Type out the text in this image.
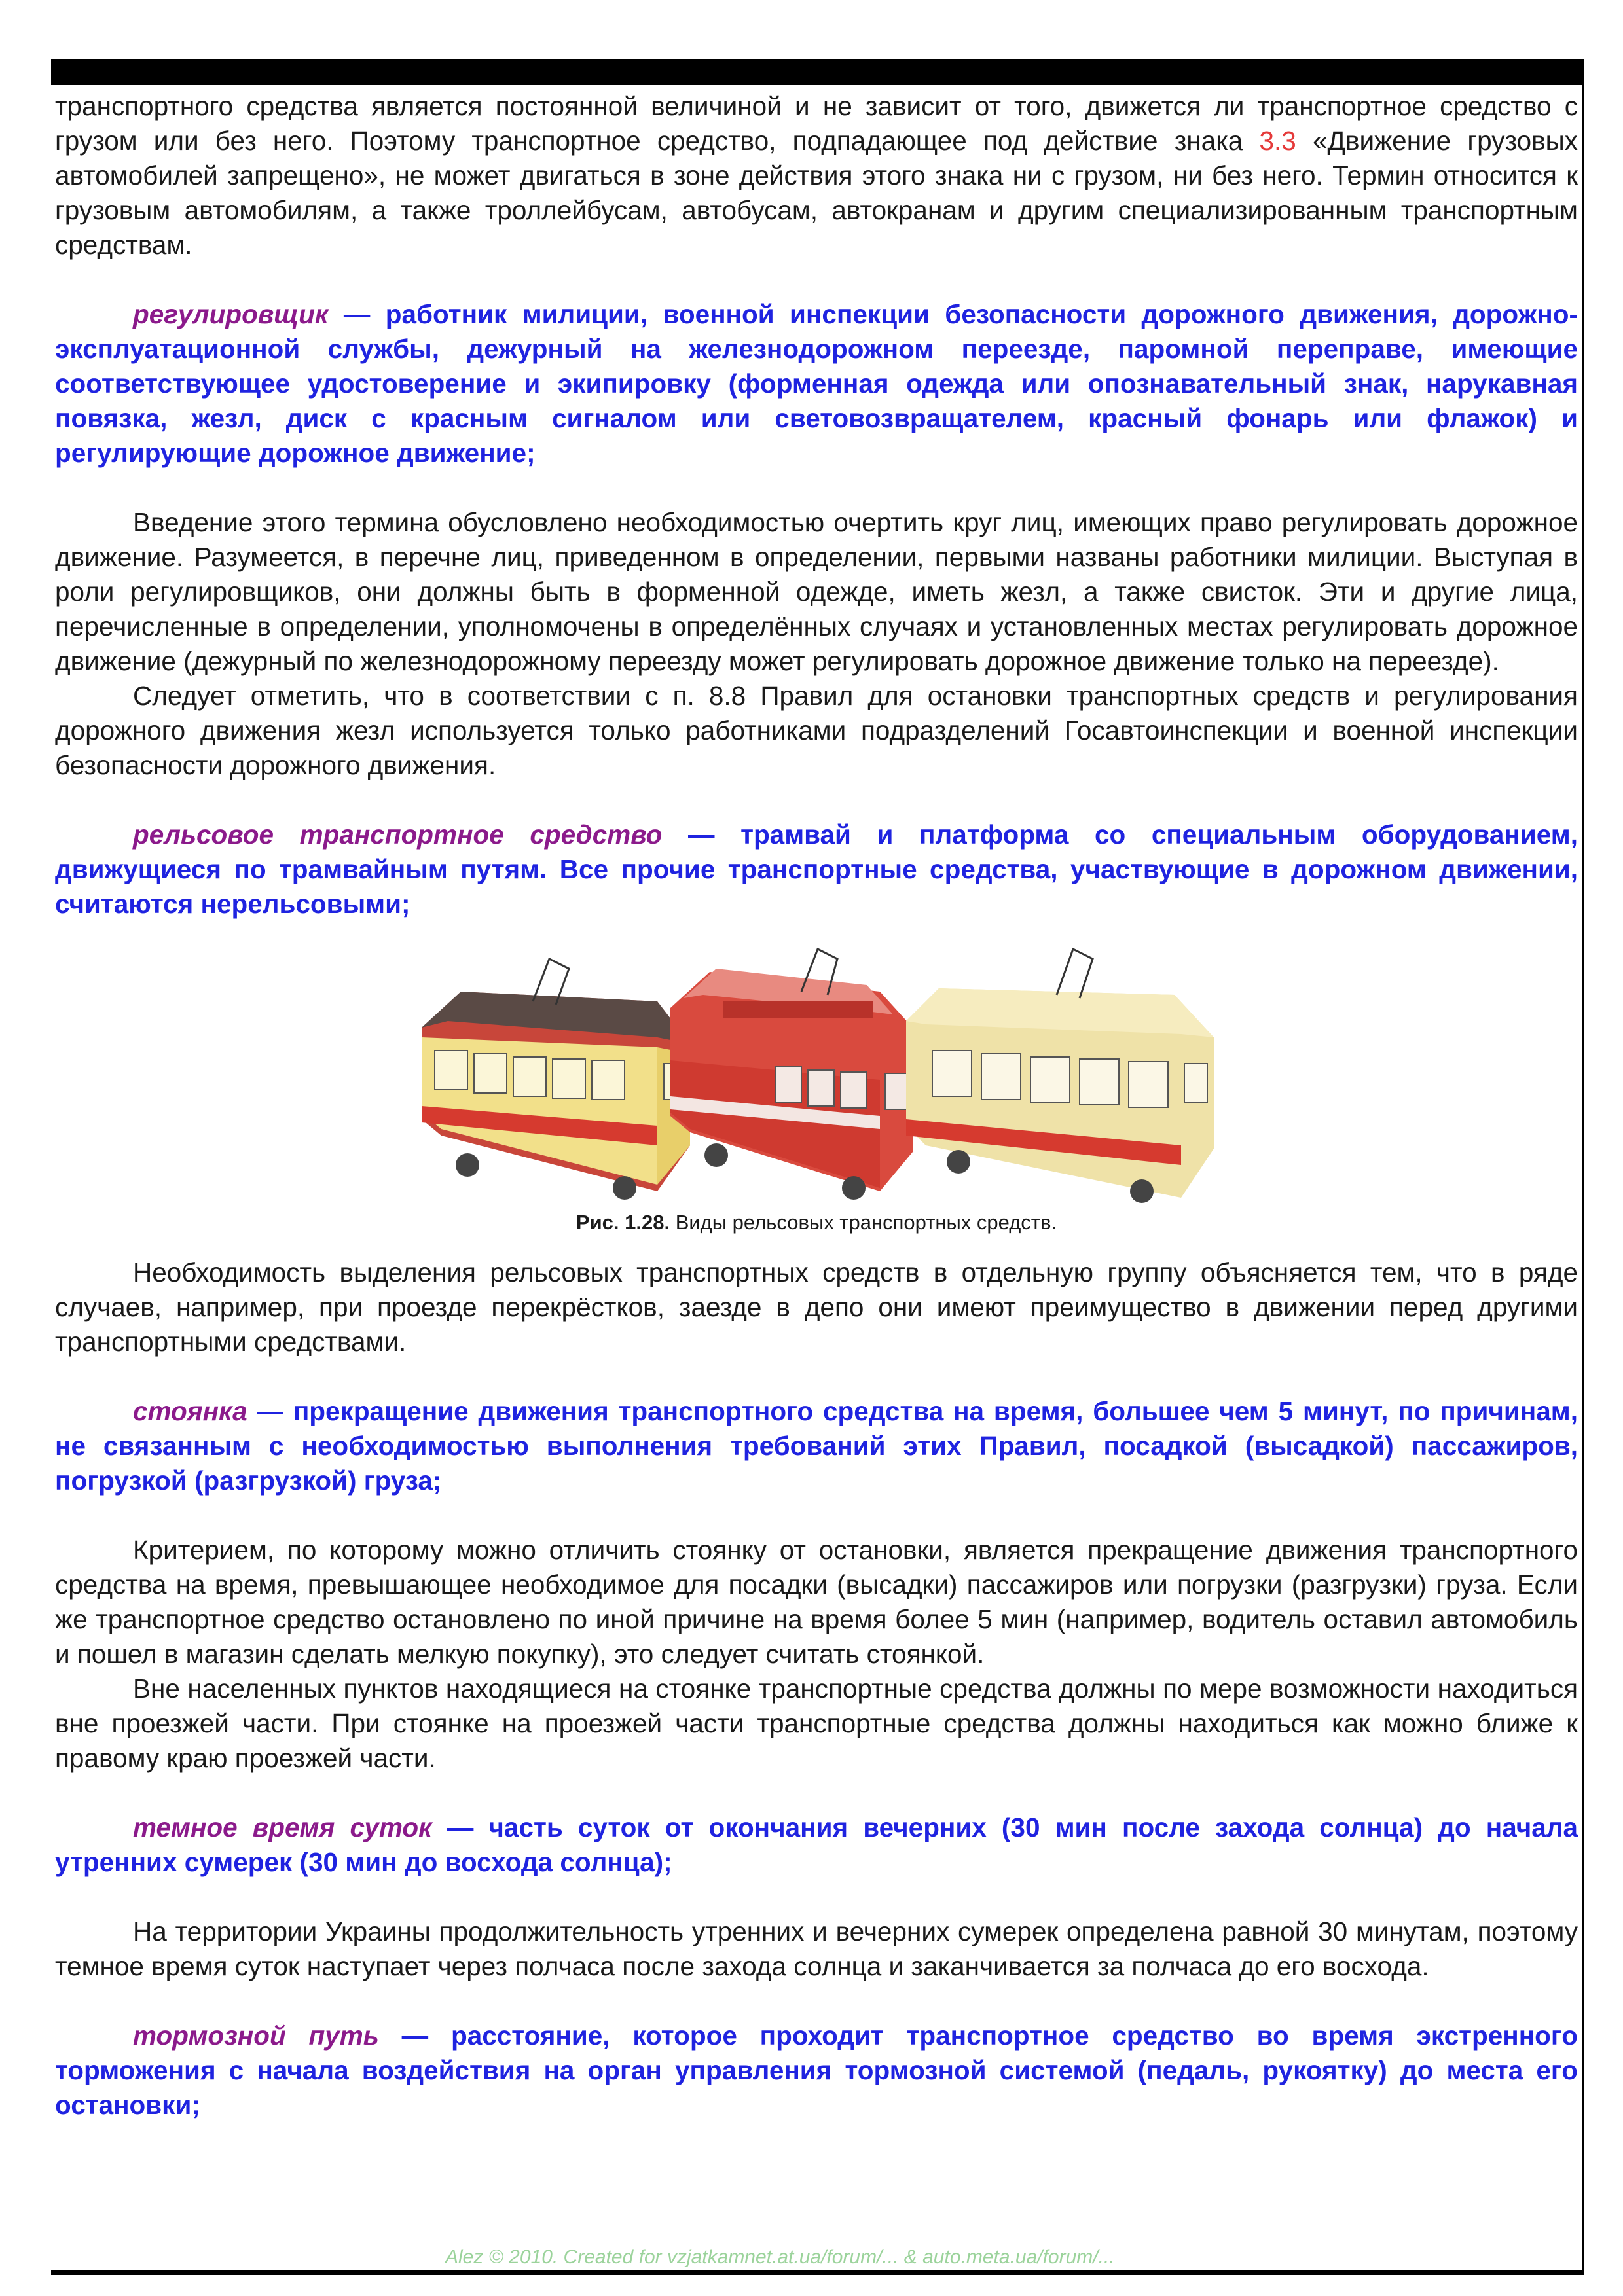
транспортного средства является постоянной величиной и не зависит от того, движется ли транспортное средство с грузом или без него. Поэтому транспортное средство, подпадающее под действие знака 3.3 «Движение грузовых автомобилей запрещено», не может двигаться в зоне действия этого знака ни с грузом, ни без него. Термин относится к грузовым автомобилям, а также троллейбусам, автобусам, автокранам и другим специализированным транспортным средствам.

регулировщик — работник милиции, военной инспекции безопасности дорожного движения, дорожно-эксплуатационной службы, дежурный на железнодорожном переезде, паромной переправе, имеющие соответствующее удостоверение и экипировку (форменная одежда или опознавательный знак, нарукавная повязка, жезл, диск с красным сигналом или световозвращателем, красный фонарь или флажок) и регулирующие дорожное движение;

Введение этого термина обусловлено необходимостью очертить круг лиц, имеющих право регулировать дорожное движение. Разумеется, в перечне лиц, приведенном в определении, первыми названы работники милиции. Выступая в роли регулировщиков, они должны быть в форменной одежде, иметь жезл, а также свисток. Эти и другие лица, перечисленные в определении, уполномочены в определённых случаях и установленных местах регулировать дорожное движение (дежурный по железнодорожному переезду может регулировать дорожное движение только на переезде).

Следует отметить, что в соответствии с п. 8.8 Правил для остановки транспортных средств и регулирования дорожного движения жезл используется только работниками подразделений Госавтоинспекции и военной инспекции безопасности дорожного движения.

рельсовое транспортное средство — трамвай и платформа со специальным оборудованием, движущиеся по трамвайным путям. Все прочие транспортные средства, участвующие в дорожном движении, считаются нерельсовыми;

Рис. 1.28. Виды рельсовых транспортных средств.

Необходимость выделения рельсовых транспортных средств в отдельную группу объясняется тем, что в ряде случаев, например, при проезде перекрёстков, заезде в депо они имеют преимущество в движении перед другими транспортными средствами.

стоянка — прекращение движения транспортного средства на время, большее чем 5 минут, по причинам, не связанным с необходимостью выполнения требований этих Правил, посадкой (высадкой) пассажиров, погрузкой (разгрузкой) груза;

Критерием, по которому можно отличить стоянку от остановки, является прекращение движения транспортного средства на время, превышающее необходимое для посадки (высадки) пассажиров или погрузки (разгрузки) груза. Если же транспортное средство остановлено по иной причине на время более 5 мин (например, водитель оставил автомобиль и пошел в магазин сделать мелкую покупку), это следует считать стоянкой.

Вне населенных пунктов находящиеся на стоянке транспортные средства должны по мере возможности находиться вне проезжей части. При стоянке на проезжей части транспортные средства должны находиться как можно ближе к правому краю проезжей части.

темное время суток — часть суток от окончания вечерних (30 мин после захода солнца) до начала утренних сумерек (30 мин до восхода солнца);

На территории Украины продолжительность утренних и вечерних сумерек определена равной 30 минутам, поэтому темное время суток наступает через полчаса после захода солнца и заканчивается за полчаса до его восхода.

тормозной путь — расстояние, которое проходит транспортное средство во время экстренного торможения с начала воздействия на орган управления тормозной системой (педаль, рукоятку) до места его остановки;

Alez © 2010. Created for vzjatkamnet.at.ua/forum/... & auto.meta.ua/forum/...
